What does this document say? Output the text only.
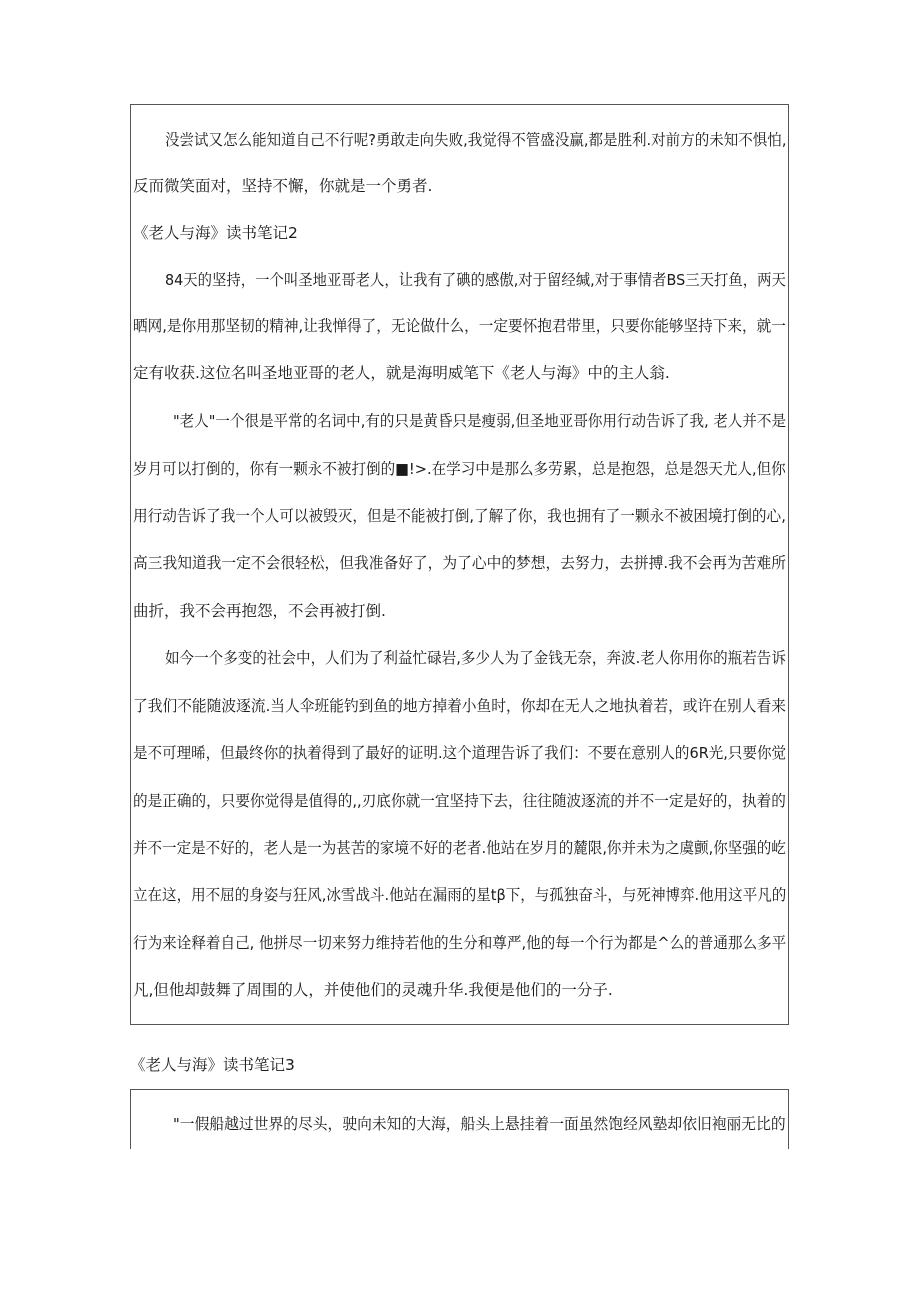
没尝试又怎么能知道自己不行呢?勇敢走向失败,我觉得不管盛没赢,都是胜利.对前方的未知不惧怕,
反而微笑面对，坚持不懈，你就是一个勇者.
《老人与海》读书笔记2
84天的坚持，一个叫圣地亚哥老人，让我有了碘的感傲,对于留经缄,对于事情者BS三天打鱼，两天
晒网,是你用那坚韧的精神,让我惮得了，无论做什么，一定要怀抱君带里，只要你能够坚持下来，就一
定有收获.这位名叫圣地亚哥的老人，就是海明威笔下《老人与海》中的主人翁.
"老人"一个很是平常的名词中,有的只是黄昏只是瘦弱,但圣地亚哥你用行动告诉了我, 老人并不是
岁月可以打倒的，你有一颗永不被打倒的■!>.在学习中是那么多劳累，总是抱怨，总是怨天尤人,但你
用行动告诉了我一个人可以被毁灭，但是不能被打倒,了解了你，我也拥有了一颗永不被困境打倒的心,
高三我知道我一定不会很轻松，但我准备好了，为了心中的梦想，去努力，去拼搏.我不会再为苦难所
曲折，我不会再抱怨，不会再被打倒.
如今一个多变的社会中，人们为了利益忙碌岩,多少人为了金钱无奈，奔波.老人你用你的瓶若告诉
了我们不能随波逐流.当人伞班能钓到鱼的地方掉着小鱼时，你却在无人之地执着若，或许在别人看来
是不可理晞，但最终你的执着得到了最好的证明.这个道理告诉了我们：不要在意别人的6R光,只要你觉
的是正确的，只要你觉得是值得的,,刃底你就一宜坚持下去，往往随波逐流的并不一定是好的，执着的
并不一定是不好的，老人是一为甚苦的家境不好的老者.他站在岁月的麓限,你并未为之虞颤,你坚强的屹
立在这，用不屈的身姿与狂风,冰雪战斗.他站在漏雨的星tβ下，与孤独奋斗，与死神博弈.他用这平凡的
行为来诠释着自己, 他拼尽一切来努力维持若他的生分和尊严,他的每一个行为都是^么的普通那么多平
凡,但他却鼓舞了周围的人，并使他们的灵魂升华.我便是他们的一分子.
《老人与海》读书笔记3
"一假船越过世界的尽头，驶向未知的大海，船头上悬挂着一面虽然饱经风塾却依旧袍丽无比的
